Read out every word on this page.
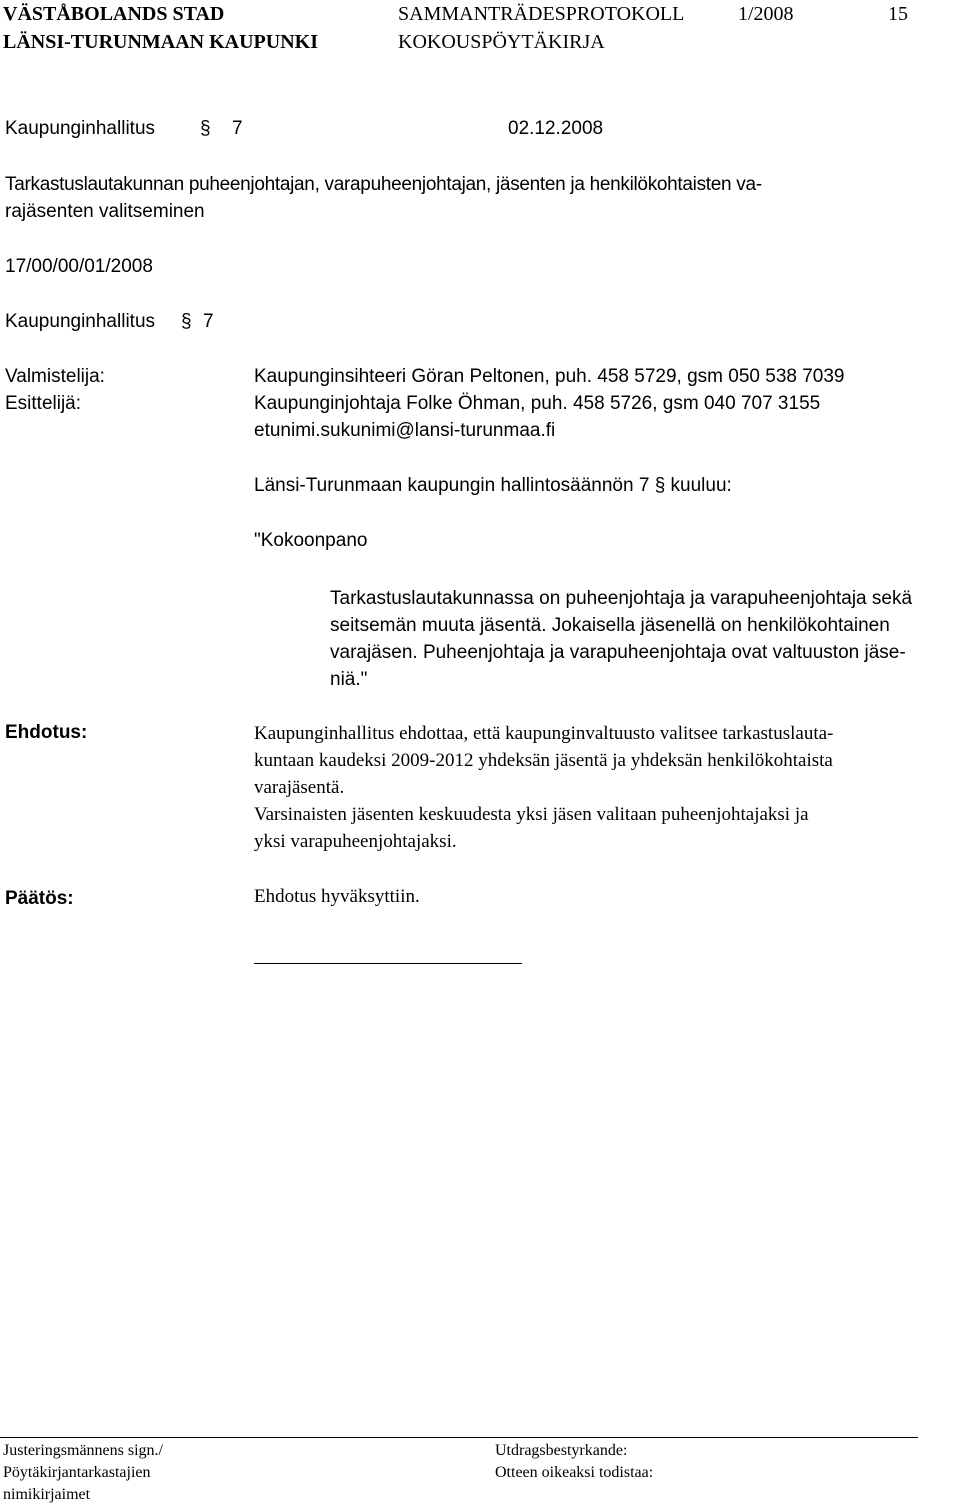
VÄSTÅBOLANDS STAD
LÄNSI-TURUNMAAN KAUPUNKI
SAMMANTRÄDESPROTOKOLL
KOKOUSPÖYTÄKIRJA
1/2008	15
Kaupunginhallitus § 7	02.12.2008
Tarkastuslautakunnan puheenjohtajan, varapuheenjohtajan, jäsenten ja henkilökohtaisten va-
rajäsenten valitseminen
17/00/00/01/2008
Kaupunginhallitus § 7
Valmistelija:	Kaupunginsihteeri Göran Peltonen, puh. 458 5729, gsm 050 538 7039
Esittelijä:	Kaupunginjohtaja Folke Öhman, puh. 458 5726, gsm 040 707 3155
etunimi.sukunimi@lansi-turunmaa.fi
Länsi-Turunmaan kaupungin hallintosäännön 7 § kuuluu:
"Kokoonpano
Tarkastuslautakunnassa on puheenjohtaja ja varapuheenjohtaja sekä
seitsemän muuta jäsentä. Jokaisella jäsenellä on henkilökohtainen
varajäsen. Puheenjohtaja ja varapuheenjohtaja ovat valtuuston jäse-
niä."
Ehdotus:	Kaupunginhallitus ehdottaa, että kaupunginvaltuusto valitsee tarkastuslauta-
kuntaan kaudeksi 2009-2012 yhdeksän jäsentä ja yhdeksän henkilökohtaista
varajäsentä.
Varsinaisten jäsenten keskuudesta yksi jäsen valitaan puheenjohtajaksi ja
yksi varapuheenjohtajaksi.
Päätös:	Ehdotus hyväksyttiin.
Justeringsmännens sign./
Pöytäkirjantarkastajien
nimikirjaimet
Utdragsbestyrkande:
Otteen oikeaksi todistaa:
